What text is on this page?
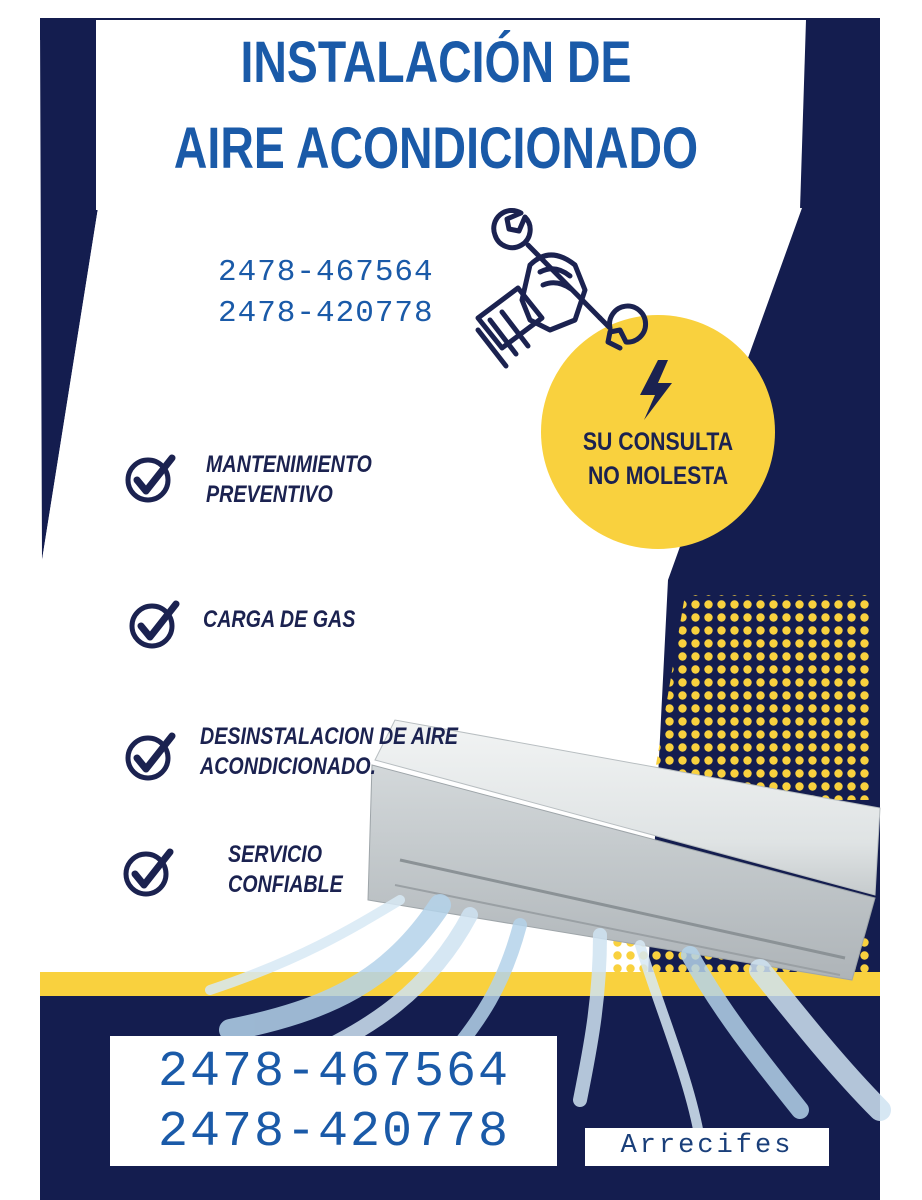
INSTALACIÓN DE
AIRE ACONDICIONADO
2478-467564
2478-420778
SU CONSULTA
NO MOLESTA
MANTENIMIENTO
PREVENTIVO
CARGA DE GAS
DESINSTALACION DE AIRE
ACONDICIONADO.
SERVICIO
CONFIABLE
2478-467564
2478-420778	Arrecifes
